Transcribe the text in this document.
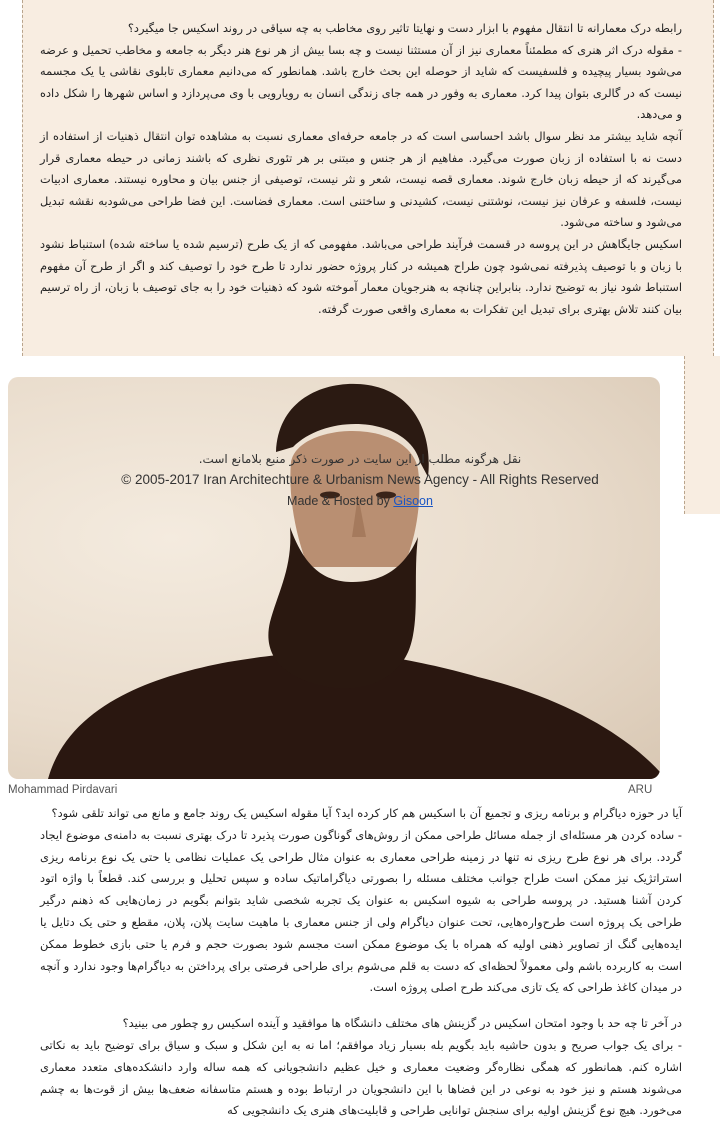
رابطه درک معمارانه تا انتقال مفهوم با ابزار دست و نهایتا تاثیر روی مخاطب به چه سیاقی در روند اسکیس جا میگیرد؟

- مقوله درک اثر هنری که مطمئناً معماری نیز از آن مستثنا نیست و چه بسا بیش از هر نوع هنر دیگر به جامعه و مخاطب تحمیل و عرضه می‌شود بسیار پیچیده و فلسفیست که شاید از حوصله این بحث خارج باشد. همانطور که می‌دانیم معماری تابلوی نقاشی یا یک مجسمه نیست که در گالری بتوان پیدا کرد. معماری به وفور در همه جای زندگی انسان به رویارویی با وی می‌پردازد و اساس شهرها را شکل داده و می‌دهد.

آنچه شاید بیشتر مد نظر سوال باشد احساسی است که در جامعه حرفه‌ای معماری نسبت به مشاهده توان انتقال ذهنیات از استفاده از دست نه با استفاده از زبان صورت می‌گیرد. مفاهیم از هر جنس و مبتنی بر هر تئوری نظری که باشند زمانی در حیطه معماری قرار می‌گیرند که از حیطه زبان خارج شوند. معماری قصه نیست، شعر و نثر نیست، توصیفی از جنس بیان و محاوره نیستند. معماری ادبیات نیست، فلسفه و عرفان نیز نیست، نوشتنی نیست، کشیدنی و ساختنی است. معماری فضاست. این فضا طراحی می‌شودبه نقشه تبدیل می‌شود و ساخته می‌شود.

اسکیس جایگاهش در این پروسه در قسمت فرآیند طراحی می‌باشد. مفهومی که از یک طرح (ترسیم شده یا ساخته شده) استنباط نشود با زبان و با توصیف پذیرفته نمی‌شود چون طراح همیشه در کنار پروژه حضور ندارد تا طرح خود را توصیف کند و اگر از طرح آن مفهوم استنباط شود نیاز به توضیح ندارد. بنابراین چنانچه به هنرجویان معمار آموخته شود که ذهنیات خود را به جای توصیف با زبان، از راه ترسیم بیان کنند تلاش بهتری برای تبدیل این تفکرات به معماری واقعی صورت گرفته.

Mohammad Pirdavari	ARU
نقل هرگونه مطلب از این سایت در صورت ذکر منبع بلامانع است.
© 2005-2017 Iran Architechture & Urbanism News Agency - All Rights Reserved
Made & Hosted by Gisoon

آیا در حوزه دیاگرام و برنامه ریزی و تجمیع آن با اسکیس هم کار کرده اید؟ آیا مقوله اسکیس یک روند جامع و مانع می تواند تلقی شود؟

- ساده کردن هر مسئله‌ای از جمله مسائل طراحی ممکن از روش‌های گوناگون صورت پذیرد تا درک بهتری نسبت به دامنه‌ی موضوع ایجاد گردد. برای هر نوع طرح ریزی نه تنها در زمینه طراحی معماری به عنوان مثال طراحی یک عملیات نظامی یا حتی یک نوع برنامه ریزی استراتژیک نیز ممکن است طراح جوانب مختلف مسئله را بصورتی دیاگراماتیک ساده و سپس تحلیل و بررسی کند. قطعاً با واژه اتود کردن آشنا هستید. در پروسه طراحی به شیوه اسکیس به عنوان یک تجربه شخصی شاید بتوانم بگویم در زمان‌هایی که ذهنم درگیر طراحی یک پروژه است طرح‌واره‌هایی، تحت عنوان دیاگرام ولی از جنس معماری با ماهیت سایت پلان، پلان، مقطع و حتی یک دتایل یا ایده‌هایی گنگ از تصاویر ذهنی اولیه که همراه با یک موضوع ممکن است مجسم شود بصورت حجم و فرم یا حتی بازی خطوط ممکن است به کاربرده باشم ولی معمولاً لحظه‌ای که دست به قلم می‌شوم برای طراحی فرصتی برای پرداختن به دیاگرام‌ها وجود ندارد و آنچه در میدان کاغذ طراحی که یک تازی می‌کند طرح اصلی پروژه است.

در آخر تا چه حد با وجود امتحان اسکیس در گزینش های مختلف دانشگاه ها موافقید و آینده اسکیس رو چطور می بینید؟

- برای یک جواب صریح و بدون حاشیه باید بگویم بله بسیار زیاد موافقم؛ اما نه به این شکل و سبک و سیاق برای توضیح باید به نکاتی اشاره کنم. همانطور که همگی نظاره‌گر وضعیت معماری و خیل عظیم دانشجویانی که همه ساله وارد دانشکده‌های متعدد معماری می‌شوند هستم و نیز خود به نوعی در این فضاها با این دانشجویان در ارتباط بوده و هستم متاسفانه ضعف‌ها بیش از قوت‌ها به چشم می‌خورد. هیچ نوع گزینش اولیه برای سنجش توانایی طراحی و قابلیت‌های هنری یک دانشجویی که
